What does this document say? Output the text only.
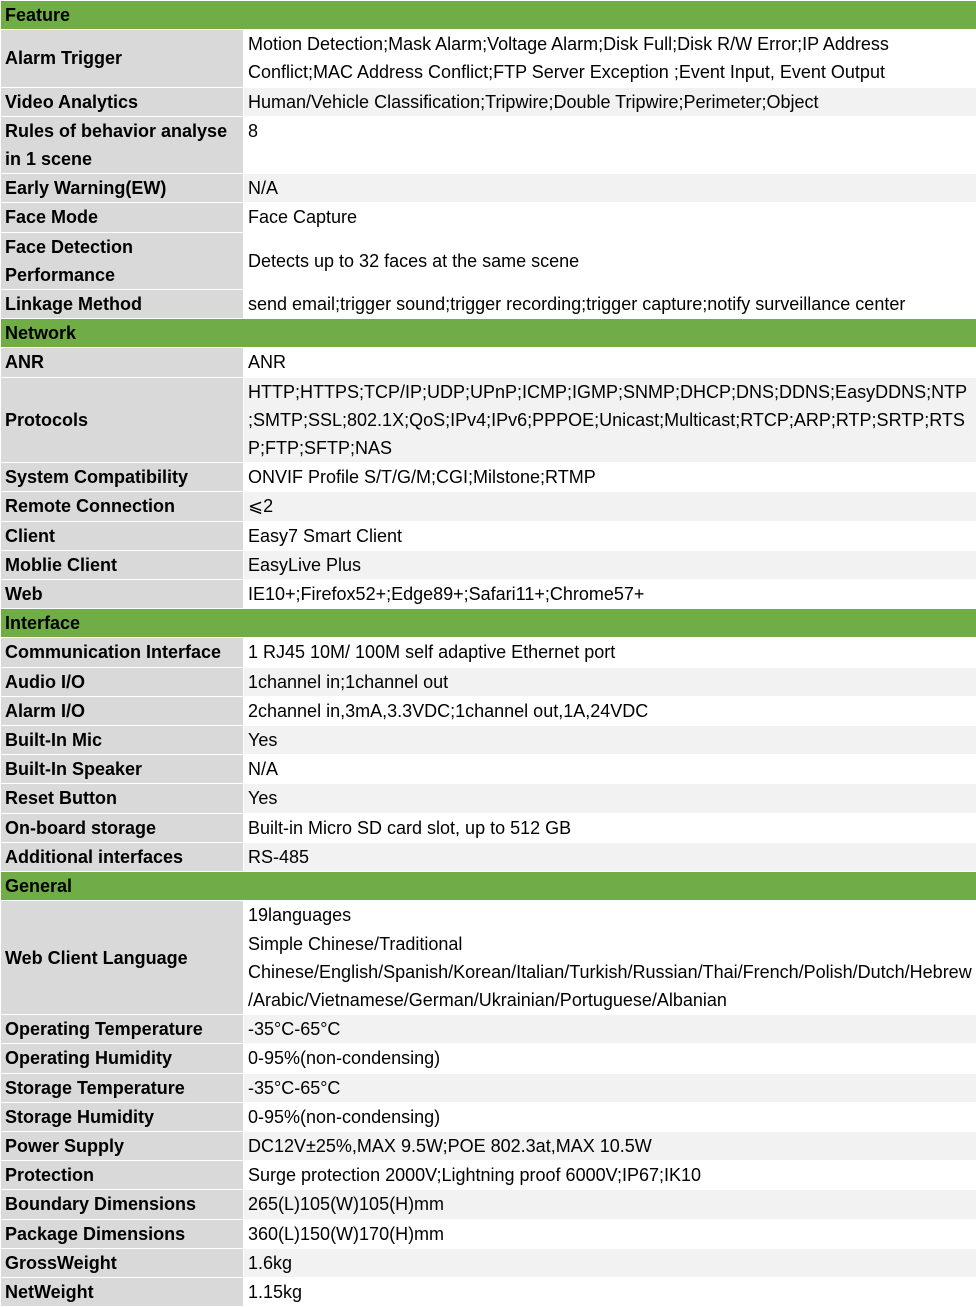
Feature	
Alarm Trigger	Motion Detection;Mask Alarm;Voltage Alarm;Disk Full;Disk R/W Error;IP Address Conflict;MAC Address Conflict;FTP Server Exception ;Event Input, Event Output
Video Analytics	Human/Vehicle Classification;Tripwire;Double Tripwire;Perimeter;Object
Rules of behavior analyse in 1 scene	8
Early Warning(EW)	N/A
Face Mode	Face Capture
Face Detection Performance	Detects up to 32 faces at the same scene
Linkage Method	send email;trigger sound;trigger recording;trigger capture;notify surveillance center
Network	
ANR	ANR
Protocols	HTTP;HTTPS;TCP/IP;UDP;UPnP;ICMP;IGMP;SNMP;DHCP;DNS;DDNS;EasyDDNS;NTP;SMTP;SSL;802.1X;QoS;IPv4;IPv6;PPPOE;Unicast;Multicast;RTCP;ARP;RTP;SRTP;RTSP;FTP;SFTP;NAS
System Compatibility	ONVIF Profile S/T/G/M;CGI;Milstone;RTMP
Remote Connection	⩽2
Client	Easy7 Smart Client
Moblie Client	EasyLive Plus
Web	IE10+;Firefox52+;Edge89+;Safari11+;Chrome57+
Interface	
Communication Interface	1 RJ45 10M/ 100M self adaptive Ethernet port
Audio I/O	1channel in;1channel out
Alarm I/O	2channel in,3mA,3.3VDC;1channel out,1A,24VDC
Built-In Mic	Yes
Built-In Speaker	N/A
Reset Button	Yes
On-board storage	Built-in Micro SD card slot, up to 512 GB
Additional interfaces	RS-485
General	
Web Client Language	19languages
Simple Chinese/Traditional Chinese/English/Spanish/Korean/Italian/Turkish/Russian/Thai/French/Polish/Dutch/Hebrew/Arabic/Vietnamese/German/Ukrainian/Portuguese/Albanian

Operating Temperature	-35°C-65°C
Operating Humidity	0-95%(non-condensing)
Storage Temperature	-35°C-65°C
Storage Humidity	0-95%(non-condensing)
Power Supply	DC12V±25%,MAX 9.5W;POE 802.3at,MAX 10.5W
Protection	Surge protection 2000V;Lightning proof 6000V;IP67;IK10
Boundary Dimensions	265(L)105(W)105(H)mm
Package Dimensions	360(L)150(W)170(H)mm
GrossWeight	1.6kg
NetWeight	1.15kg
